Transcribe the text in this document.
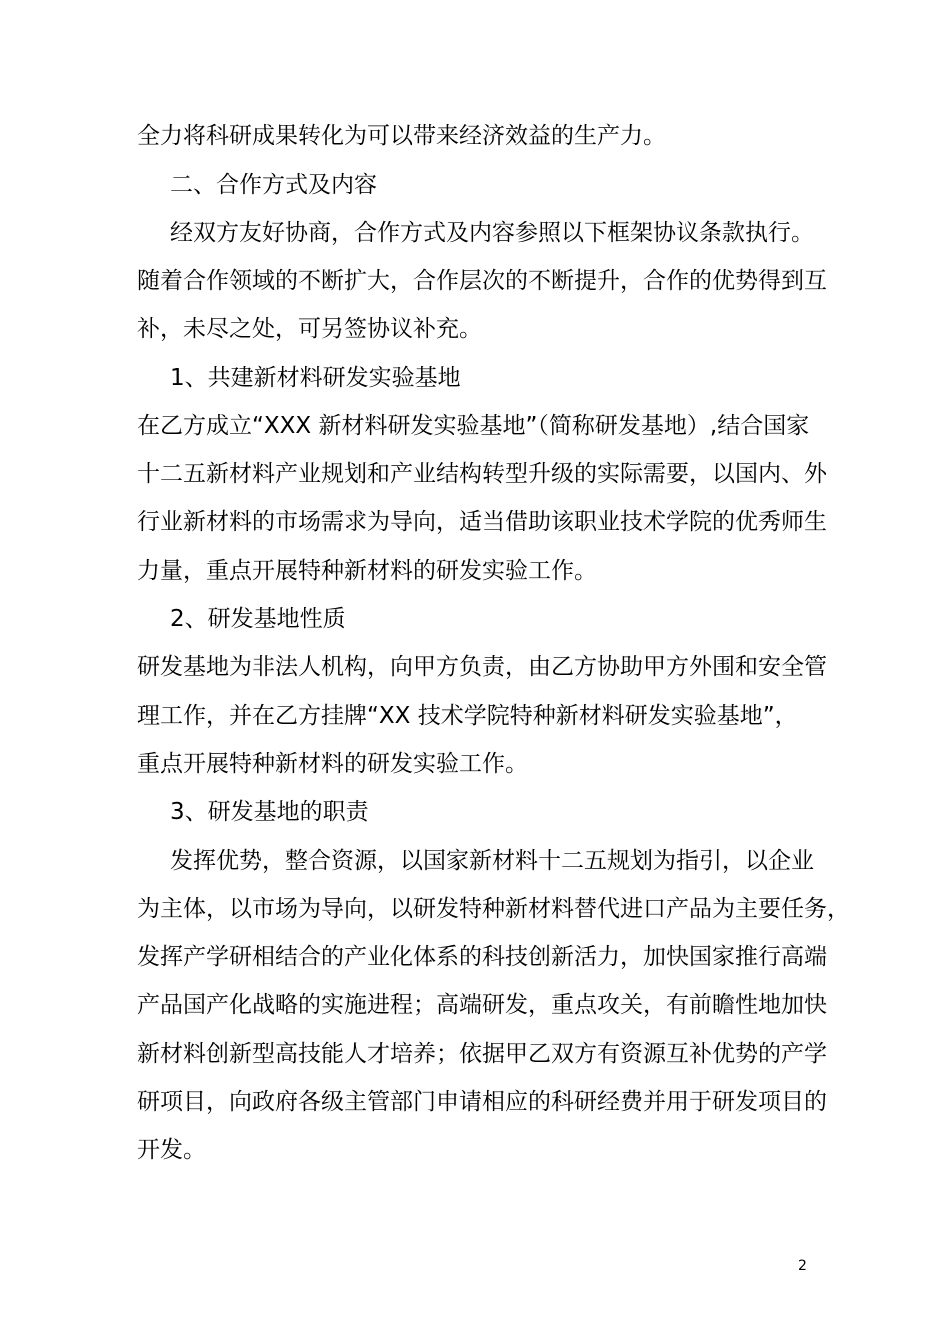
全力将科研成果转化为可以带来经济效益的生产力。
二、合作方式及内容
经双方友好协商，合作方式及内容参照以下框架协议条款执行。
随着合作领域的不断扩大，合作层次的不断提升，合作的优势得到互
补，未尽之处，可另签协议补充。
1、共建新材料研发实验基地
在乙方成立“XXX 新材料研发实验基地”（简称研发基地）,结合国家
十二五新材料产业规划和产业结构转型升级的实际需要，以国内、外
行业新材料的市场需求为导向，适当借助该职业技术学院的优秀师生
力量，重点开展特种新材料的研发实验工作。
2、研发基地性质
研发基地为非法人机构，向甲方负责，由乙方协助甲方外围和安全管
理工作，并在乙方挂牌“XX 技术学院特种新材料研发实验基地”，
重点开展特种新材料的研发实验工作。
3、研发基地的职责
发挥优势，整合资源，以国家新材料十二五规划为指引，以企业
为主体，以市场为导向，以研发特种新材料替代进口产品为主要任务，
发挥产学研相结合的产业化体系的科技创新活力，加快国家推行高端
产品国产化战略的实施进程；高端研发，重点攻关，有前瞻性地加快
新材料创新型高技能人才培养；依据甲乙双方有资源互补优势的产学
研项目，向政府各级主管部门申请相应的科研经费并用于研发项目的
开发。
2
